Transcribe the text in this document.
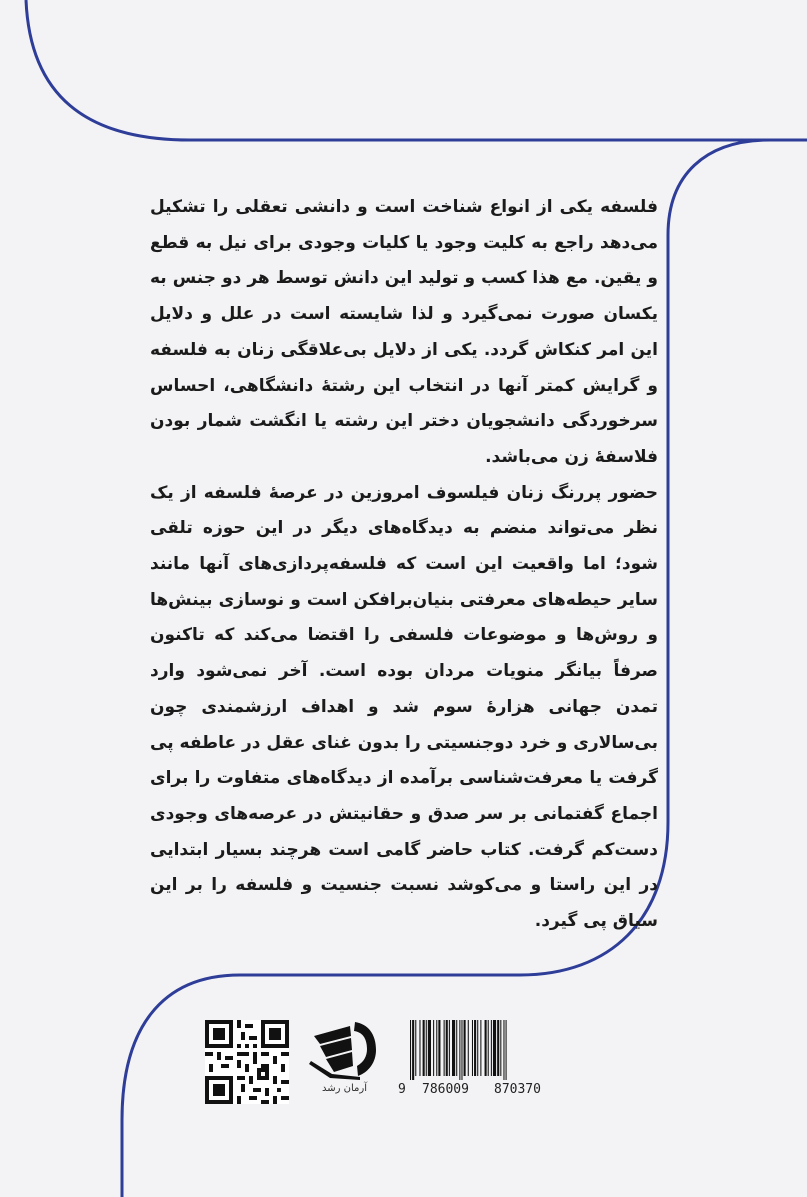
فلسفه یکی از انواع شناخت است و دانشی تعقلی را تشکیل می‌دهد راجع به کلیت وجود یا کلیات وجودی برای نیل به قطع و یقین. مع هذا کسب و تولید این دانش توسط هر دو جنس به یکسان صورت نمی‌گیرد و لذا شایسته است در علل و دلایل این امر کنکاش گردد. یکی از دلایل بی‌علاقگی زنان به فلسفه و گرایش کمتر آنها در انتخاب این رشتهٔ دانشگاهی، احساس سرخوردگی دانشجویان دختر این رشته یا انگشت شمار بودن فلاسفهٔ زن می‌باشد.

حضور پررنگ زنان فیلسوف امروزین در عرصهٔ فلسفه از یک نظر می‌تواند منضم به دیدگاه‌های دیگر در این حوزه تلقی شود؛ اما واقعیت این است که فلسفه‌پردازی‌های آنها مانند سایر حیطه‌های معرفتی بنیان‌برافکن است و نوسازی بینش‌ها و روش‌ها و موضوعات فلسفی را اقتضا می‌کند که تاکنون صرفاً بیانگر منویات مردان بوده است. آخر نمی‌شود وارد تمدن جهانی هزارهٔ سوم شد و اهداف ارزشمندی چون بی‌سالاری و خرد دوجنسیتی را بدون غنای عقل در عاطفه پی گرفت یا معرفت‌شناسی برآمده از دیدگاه‌های متفاوت را برای اجماع گفتمانی بر سر صدق و حقانیتش در عرصه‌های وجودی دست‌کم گرفت. کتاب حاضر گامی است هرچند بسیار ابتدایی در این راستا و می‌کوشد نسبت جنسیت و فلسفه را بر این سیاق پی گیرد.

آرمان رشد	9 786009 870370
